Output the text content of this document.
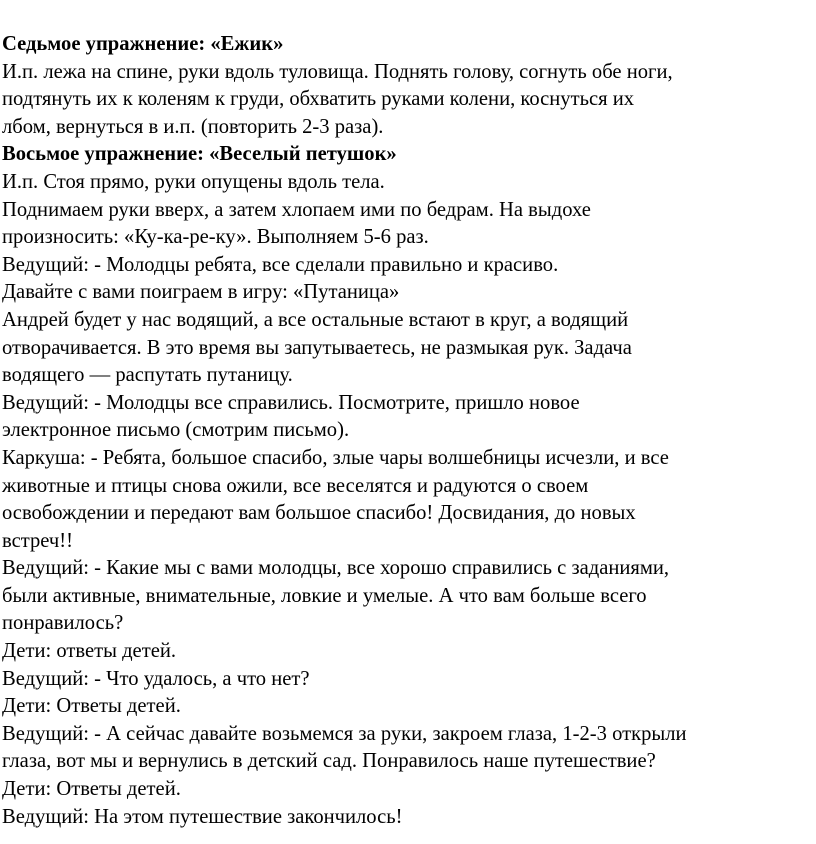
Седьмое упражнение: «Ежик»
И.п. лежа на спине, руки вдоль туловища. Поднять голову, согнуть обе ноги,
подтянуть их к коленям к груди, обхватить руками колени, коснуться их
лбом, вернуться в и.п. (повторить 2-3 раза).
Восьмое упражнение: «Веселый петушок»
И.п. Стоя прямо, руки опущены вдоль тела.
Поднимаем руки вверх, а затем хлопаем ими по бедрам. На выдохе
произносить: «Ку-ка-ре-ку». Выполняем 5-6 раз.
Ведущий: - Молодцы ребята, все сделали правильно и красиво.
Давайте с вами поиграем в игру: «Путаница»
Андрей будет у нас водящий, а все остальные встают в круг, а водящий
отворачивается. В это время вы запутываетесь, не размыкая рук. Задача
водящего — распутать путаницу.
Ведущий: - Молодцы все справились. Посмотрите, пришло новое
электронное письмо (смотрим письмо).
Каркуша: - Ребята, большое спасибо, злые чары волшебницы исчезли, и все
животные и птицы снова ожили, все веселятся и радуются о своем
освобождении и передают вам большое спасибо! Досвидания, до новых
встреч!!
Ведущий: - Какие мы с вами молодцы, все хорошо справились с заданиями,
были активные, внимательные, ловкие и умелые. А что вам больше всего
понравилось?
Дети: ответы детей.
Ведущий: - Что удалось, а что нет?
Дети: Ответы детей.
Ведущий: - А сейчас давайте возьмемся за руки, закроем глаза, 1-2-3 открыли
глаза, вот мы и вернулись в детский сад. Понравилось наше путешествие?
Дети: Ответы детей.
Ведущий: На этом путешествие закончилось!
